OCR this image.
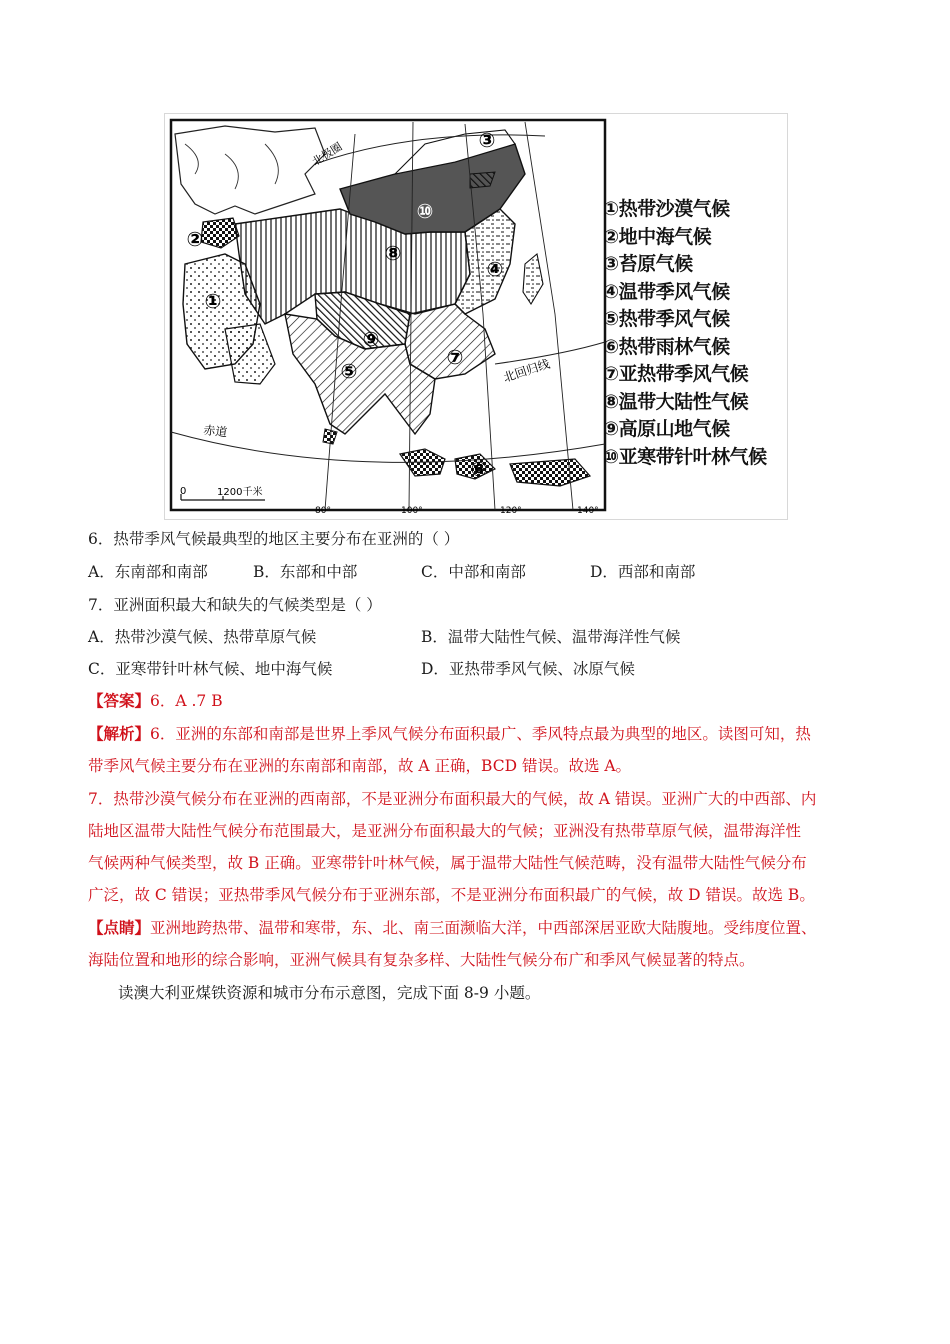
0	1200千米
赤道
北回归线
北极圈
80°	100°	120°	140°
①
②
③
④
⑤
⑥
⑦
⑧
⑨
⑩	①热带沙漠气候
②地中海气候
③苔原气候
④温带季风气候
⑤热带季风气候
⑥热带雨林气候
⑦亚热带季风气候
⑧温带大陆性气候
⑨高原山地气候
⑩亚寒带针叶林气候
6．热带季风气候最典型的地区主要分布在亚洲的（ ）
A．东南部和南部	B．东部和中部	C．中部和南部	D．西部和南部
7．亚洲面积最大和缺失的气候类型是（ ）
A．热带沙漠气候、热带草原气候	B．温带大陆性气候、温带海洋性气候
C．亚寒带针叶林气候、地中海气候	D．亚热带季风气候、冰原气候
【答案】6．A .7 B
【解析】6．亚洲的东部和南部是世界上季风气候分布面积最广、季风特点最为典型的地区。读图可知，热
带季风气候主要分布在亚洲的东南部和南部，故 A 正确，BCD 错误。故选 A。
7．热带沙漠气候分布在亚洲的西南部，不是亚洲分布面积最大的气候，故 A 错误。亚洲广大的中西部、内
陆地区温带大陆性气候分布范围最大，是亚洲分布面积最大的气候；亚洲没有热带草原气候，温带海洋性
气候两种气候类型，故 B 正确。亚寒带针叶林气候，属于温带大陆性气候范畴，没有温带大陆性气候分布
广泛，故 C 错误；亚热带季风气候分布于亚洲东部，不是亚洲分布面积最广的气候，故 D 错误。故选 B。
【点睛】亚洲地跨热带、温带和寒带，东、北、南三面濒临大洋，中西部深居亚欧大陆腹地。受纬度位置、
海陆位置和地形的综合影响，亚洲气候具有复杂多样、大陆性气候分布广和季风气候显著的特点。
读澳大利亚煤铁资源和城市分布示意图，完成下面 8-9 小题。
